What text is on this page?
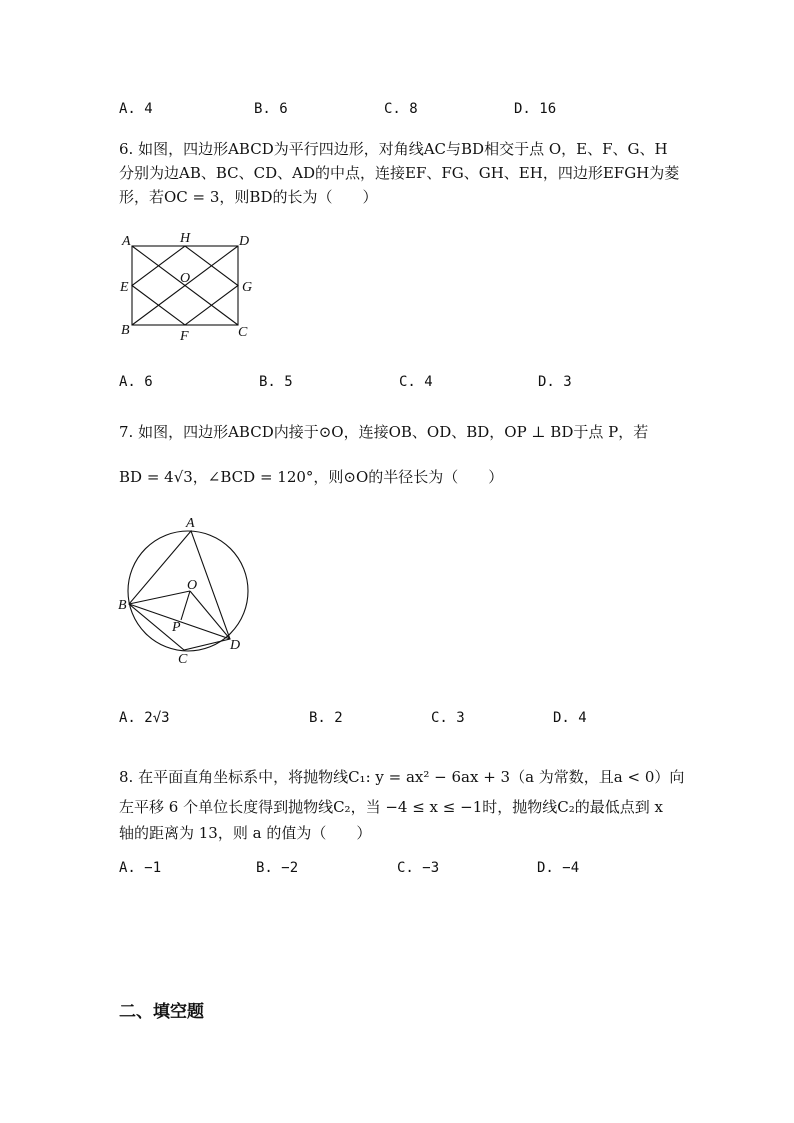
A. 4	B. 6	C. 8	D. 16
6. 如图，四边形ABCD为平行四边形，对角线AC与BD相交于点 O，E、F、G、H
分别为边AB、BC、CD、AD的中点，连接EF、FG、GH、EH，四边形EFGH为菱
形，若OC = 3，则BD的长为（　　）
A	H	D
E
O
G
B	F	C
A. 6	B. 5	C. 4	D. 3
7. 如图，四边形ABCD内接于⊙O，连接OB、OD、BD，OP ⊥ BD于点 P，若
BD = 4√3，∠BCD = 120°，则⊙O的半径长为（　　）
A
O
B
P
D
C
A. 2√3	B. 2	C. 3	D. 4
8. 在平面直角坐标系中，将抛物线C₁: y = ax² − 6ax + 3（a 为常数，且a < 0）向
左平移 6 个单位长度得到抛物线C₂，当 −4 ≤ x ≤ −1时，抛物线C₂的最低点到 x
轴的距离为 13，则 a 的值为（　　）
A. −1	B. −2	C. −3	D. −4
二、填空题
